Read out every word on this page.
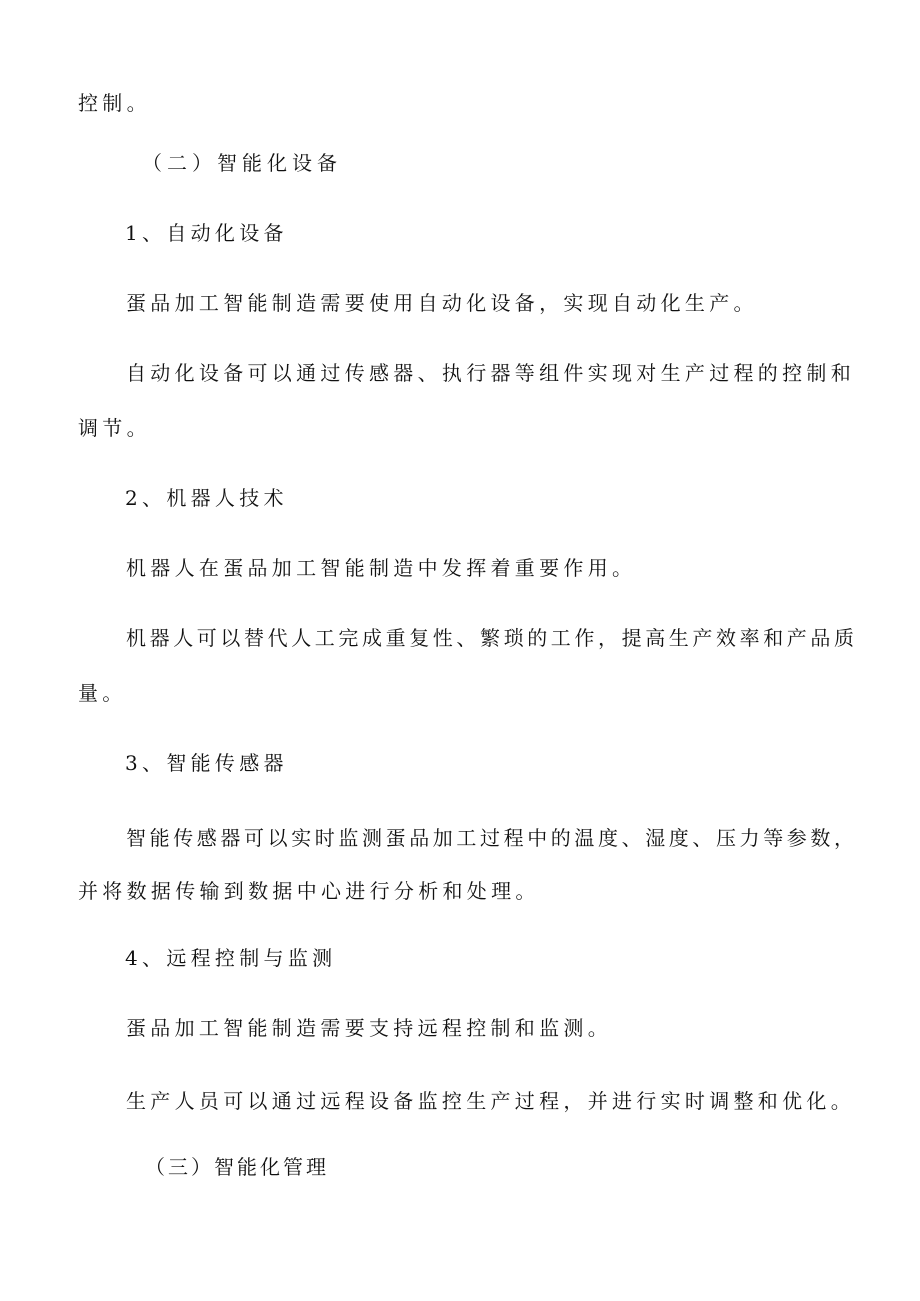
控制。
（二）智能化设备
1、自动化设备
蛋品加工智能制造需要使用自动化设备，实现自动化生产。
自动化设备可以通过传感器、执行器等组件实现对生产过程的控制和
调节。
2、机器人技术
机器人在蛋品加工智能制造中发挥着重要作用。
机器人可以替代人工完成重复性、繁琐的工作，提高生产效率和产品质
量。
3、智能传感器
智能传感器可以实时监测蛋品加工过程中的温度、湿度、压力等参数，
并将数据传输到数据中心进行分析和处理。
4、远程控制与监测
蛋品加工智能制造需要支持远程控制和监测。
生产人员可以通过远程设备监控生产过程，并进行实时调整和优化。
（三）智能化管理
